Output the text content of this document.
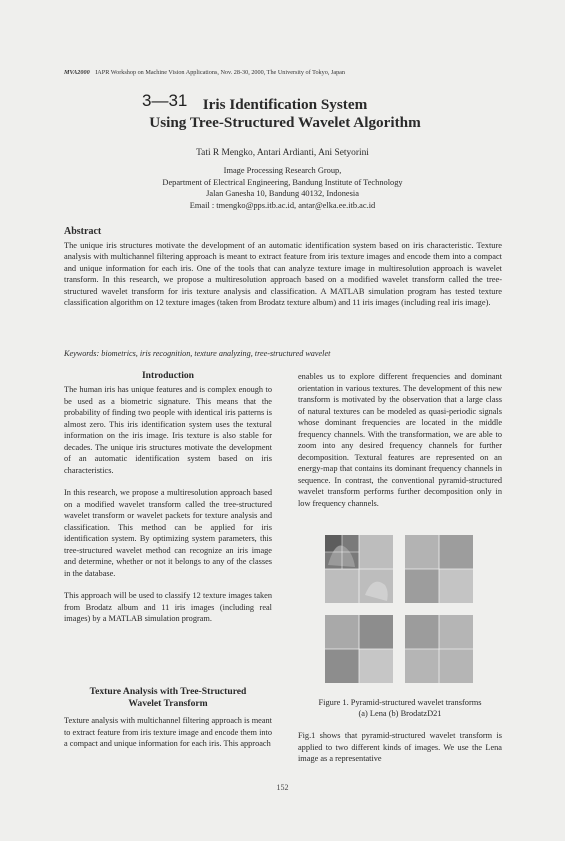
MVA2000 IAPR Workshop on Machine Vision Applications, Nov. 28-30, 2000, The University of Tokyo, Japan
3—31	Iris Identification System
Using Tree-Structured Wavelet Algorithm
Tati R Mengko, Antari Ardianti, Ani Setyorini
Image Processing Research Group,
Department of Electrical Engineering, Bandung Institute of Technology
Jalan Ganesha 10, Bandung 40132, Indonesia
Email : tmengko@pps.itb.ac.id, antar@elka.ee.itb.ac.id
Abstract
The unique iris structures motivate the development of an automatic identification system based on iris characteristic. Texture analysis with multichannel filtering approach is meant to extract feature from iris texture images and encode them into a compact and unique information for each iris. One of the tools that can analyze texture image in multiresolution approach is wavelet transform. In this research, we propose a multiresolution approach based on a modified wavelet transform called the tree-structured wavelet transform for iris texture analysis and classification. A MATLAB simulation program has tested texture classification algorithm on 12 texture images (taken from Brodatz texture album) and 11 iris images (including real iris image).
Keywords: biometrics, iris recognition, texture analyzing, tree-structured wavelet
Introduction

The human iris has unique features and is complex enough to be used as a biometric signature. This means that the probability of finding two people with identical iris patterns is almost zero. This iris identification system uses the textural information on the iris image. Iris texture is also stable for decades. The unique iris structures motivate the development of an automatic identification system based on iris characteristics.

In this research, we propose a multiresolution approach based on a modified wavelet transform called the tree-structured wavelet transform or wavelet packets for texture analysis and classification. This method can be applied for iris identification system. By optimizing system parameters, this tree-structured wavelet method can recognize an iris image and determine, whether or not it belongs to any of the classes in the database.

This approach will be used to classify 12 texture images taken from Brodatz album and 11 iris images (including real images) by a MATLAB simulation program.

Texture Analysis with Tree-Structured
Wavelet Transform
Texture analysis with multichannel filtering approach is meant to extract feature from iris texture image and encode them into a compact and unique information for each iris. This approach
enables us to explore different frequencies and dominant orientation in various textures. The development of this new transform is motivated by the observation that a large class of natural textures can be modeled as quasi-periodic signals whose dominant frequencies are located in the middle frequency channels. With the transformation, we are able to zoom into any desired frequency channels for further decomposition. Textural features are represented on an energy-map that contains its dominant frequency channels in sequence. In contrast, the conventional pyramid-structured wavelet transform performs further decomposition only in low frequency channels.
Figure 1. Pyramid-structured wavelet transforms
(a) Lena (b) BrodatzD21
Fig.1 shows that pyramid-structured wavelet transform is applied to two different kinds of images. We use the Lena image as a representative
152
